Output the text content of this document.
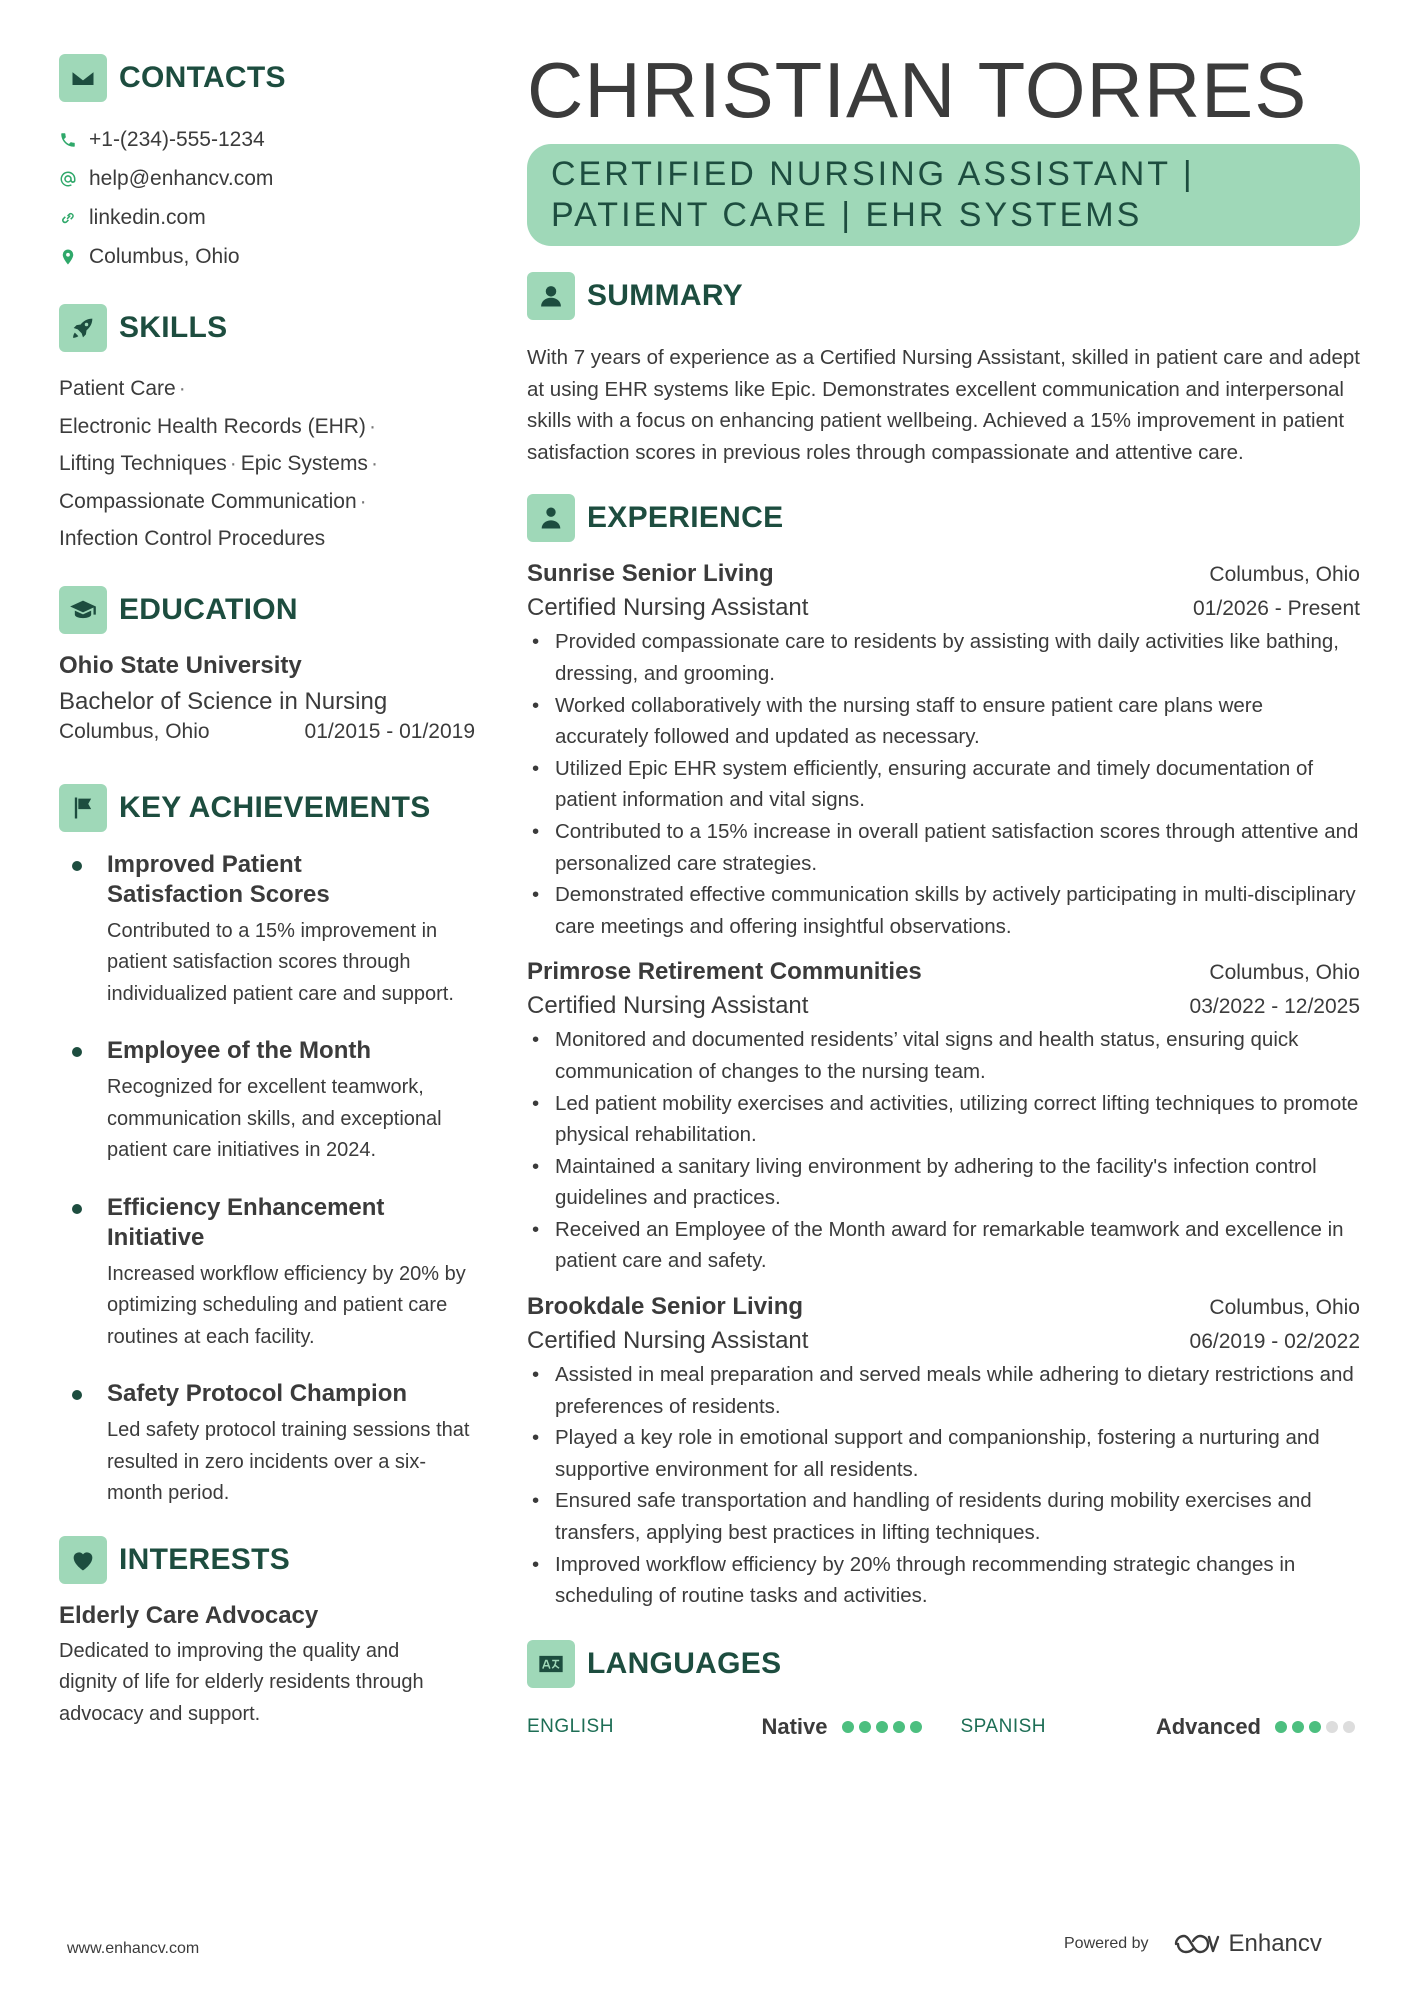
CONTACTS
+1-(234)-555-1234
help@enhancv.com
linkedin.com
Columbus, Ohio
SKILLS
Patient Care ·
Electronic Health Records (EHR) ·
Lifting Techniques · Epic Systems ·
Compassionate Communication ·
Infection Control Procedures
EDUCATION
Ohio State University
Bachelor of Science in Nursing
Columbus, Ohio	01/2015 - 01/2019
KEY ACHIEVEMENTS
Improved Patient Satisfaction Scores
Contributed to a 15% improvement in patient satisfaction scores through individualized patient care and support.
Employee of the Month
Recognized for excellent teamwork, communication skills, and exceptional patient care initiatives in 2024.
Efficiency Enhancement Initiative
Increased workflow efficiency by 20% by optimizing scheduling and patient care routines at each facility.
Safety Protocol Champion
Led safety protocol training sessions that resulted in zero incidents over a six-month period.
INTERESTS
Elderly Care Advocacy
Dedicated to improving the quality and dignity of life for elderly residents through advocacy and support.
CHRISTIAN TORRES
CERTIFIED NURSING ASSISTANT |
PATIENT CARE | EHR SYSTEMS
SUMMARY
With 7 years of experience as a Certified Nursing Assistant, skilled in patient care and adept at using EHR systems like Epic. Demonstrates excellent communication and interpersonal skills with a focus on enhancing patient wellbeing. Achieved a 15% improvement in patient satisfaction scores in previous roles through compassionate and attentive care.
EXPERIENCE
Sunrise Senior Living	Columbus, Ohio
Certified Nursing Assistant	01/2026 - Present
• Provided compassionate care to residents by assisting with daily activities like bathing, dressing, and grooming.
• Worked collaboratively with the nursing staff to ensure patient care plans were accurately followed and updated as necessary.
• Utilized Epic EHR system efficiently, ensuring accurate and timely documentation of patient information and vital signs.
• Contributed to a 15% increase in overall patient satisfaction scores through attentive and personalized care strategies.
• Demonstrated effective communication skills by actively participating in multi-disciplinary care meetings and offering insightful observations.
Primrose Retirement Communities	Columbus, Ohio
Certified Nursing Assistant	03/2022 - 12/2025
• Monitored and documented residents’ vital signs and health status, ensuring quick communication of changes to the nursing team.
• Led patient mobility exercises and activities, utilizing correct lifting techniques to promote physical rehabilitation.
• Maintained a sanitary living environment by adhering to the facility's infection control guidelines and practices.
• Received an Employee of the Month award for remarkable teamwork and excellence in patient care and safety.
Brookdale Senior Living	Columbus, Ohio
Certified Nursing Assistant	06/2019 - 02/2022
• Assisted in meal preparation and served meals while adhering to dietary restrictions and preferences of residents.
• Played a key role in emotional support and companionship, fostering a nurturing and supportive environment for all residents.
• Ensured safe transportation and handling of residents during mobility exercises and transfers, applying best practices in lifting techniques.
• Improved workflow efficiency by 20% through recommending strategic changes in scheduling of routine tasks and activities.
LANGUAGES
ENGLISH	Native	SPANISH	Advanced
www.enhancv.com	Powered by	Enhancv
